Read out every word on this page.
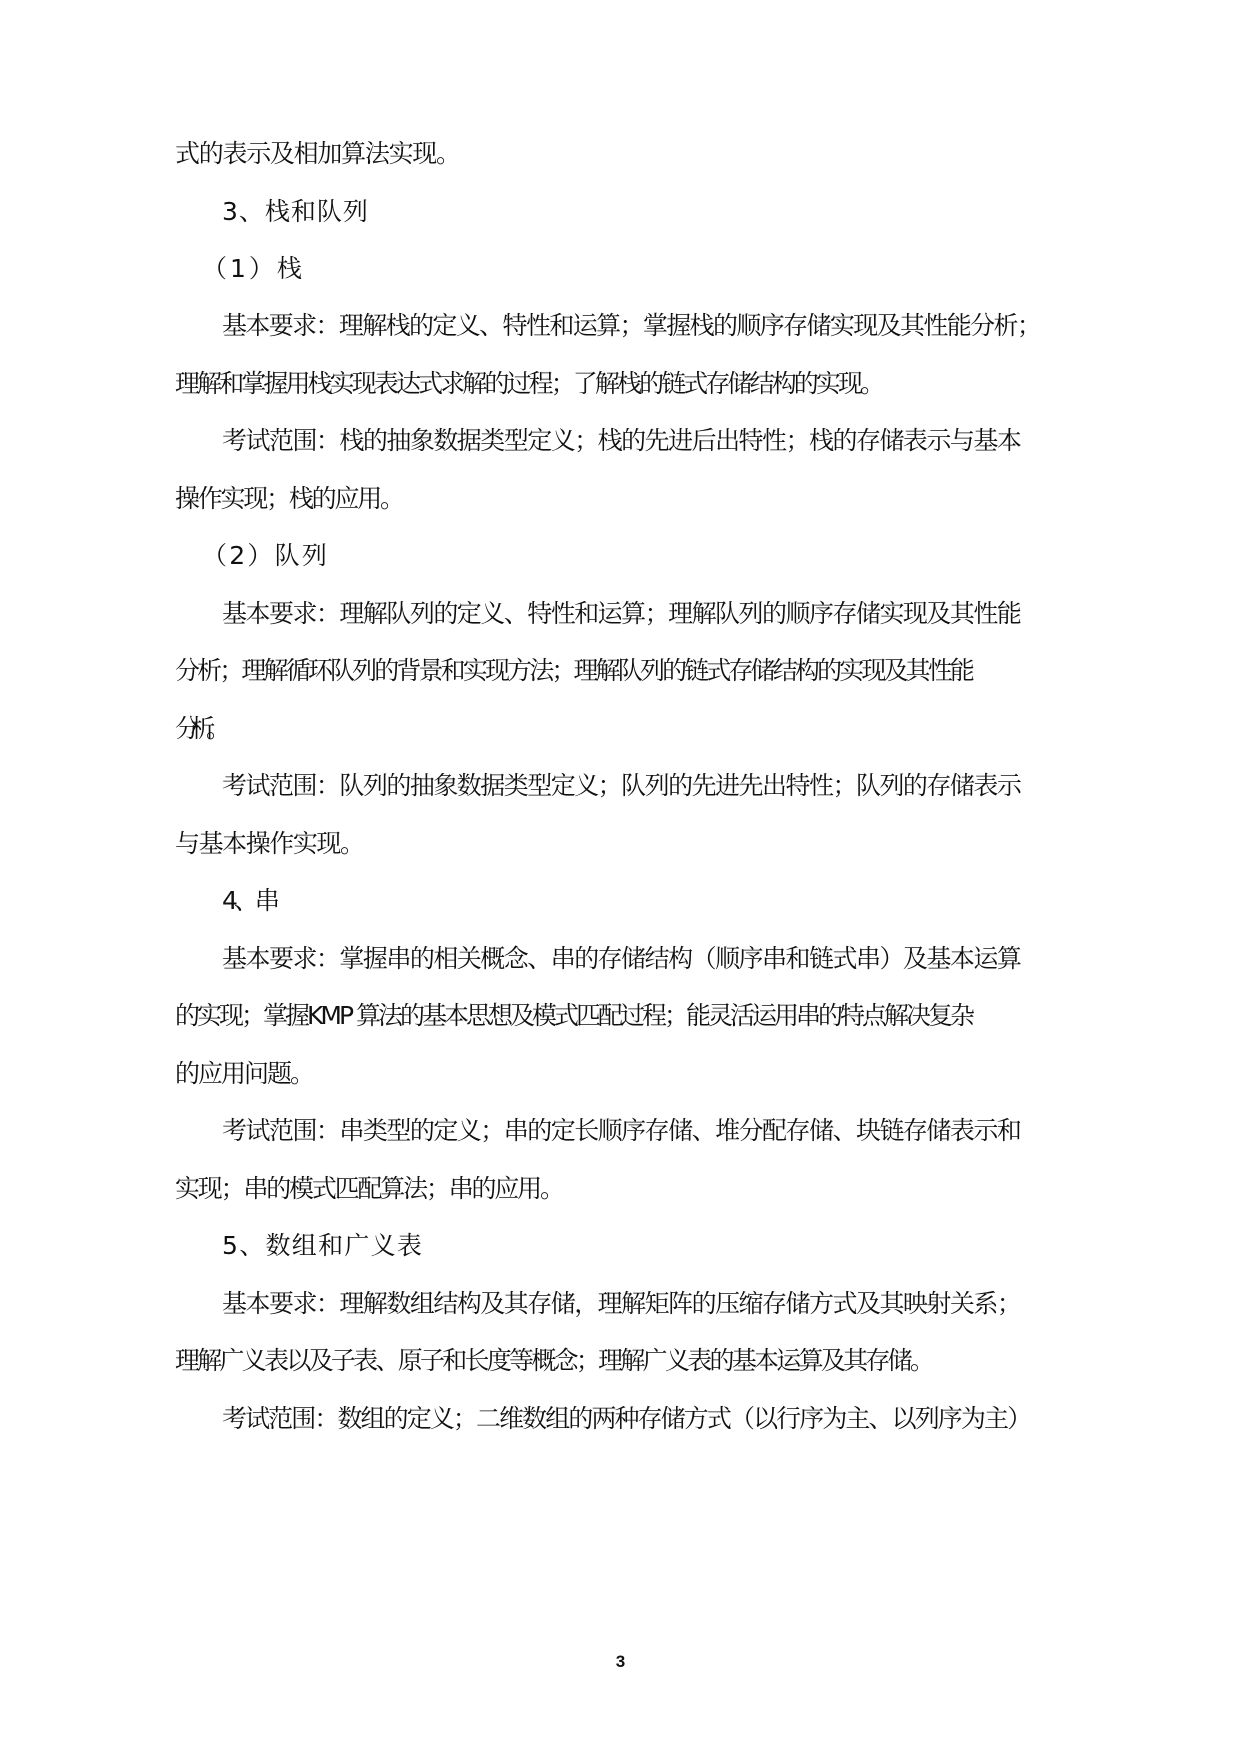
式的表示及相加算法实现。
3、栈和队列
（1）栈
基本要求：理解栈的定义、特性和运算；掌握栈的顺序存储实现及其性能分析；
理解和掌握用栈实现表达式求解的过程；了解栈的链式存储结构的实现。
考试范围：栈的抽象数据类型定义；栈的先进后出特性；栈的存储表示与基本
操作实现；栈的应用。
（2）队列
基本要求：理解队列的定义、特性和运算；理解队列的顺序存储实现及其性能
分析；理解循环队列的背景和实现方法；理解队列的链式存储结构的实现及其性能
分析。
考试范围：队列的抽象数据类型定义；队列的先进先出特性；队列的存储表示
与基本操作实现。
4、串
基本要求：掌握串的相关概念、串的存储结构（顺序串和链式串）及基本运算
的实现；掌握KMP 算法的基本思想及模式匹配过程；能灵活运用串的特点解决复杂
的应用问题。
考试范围：串类型的定义；串的定长顺序存储、堆分配存储、块链存储表示和
实现；串的模式匹配算法；串的应用。
5、数组和广义表
基本要求：理解数组结构及其存储，理解矩阵的压缩存储方式及其映射关系；
理解广义表以及子表、原子和长度等概念；理解广义表的基本运算及其存储。
考试范围：数组的定义；二维数组的两种存储方式（以行序为主、以列序为主）
3
